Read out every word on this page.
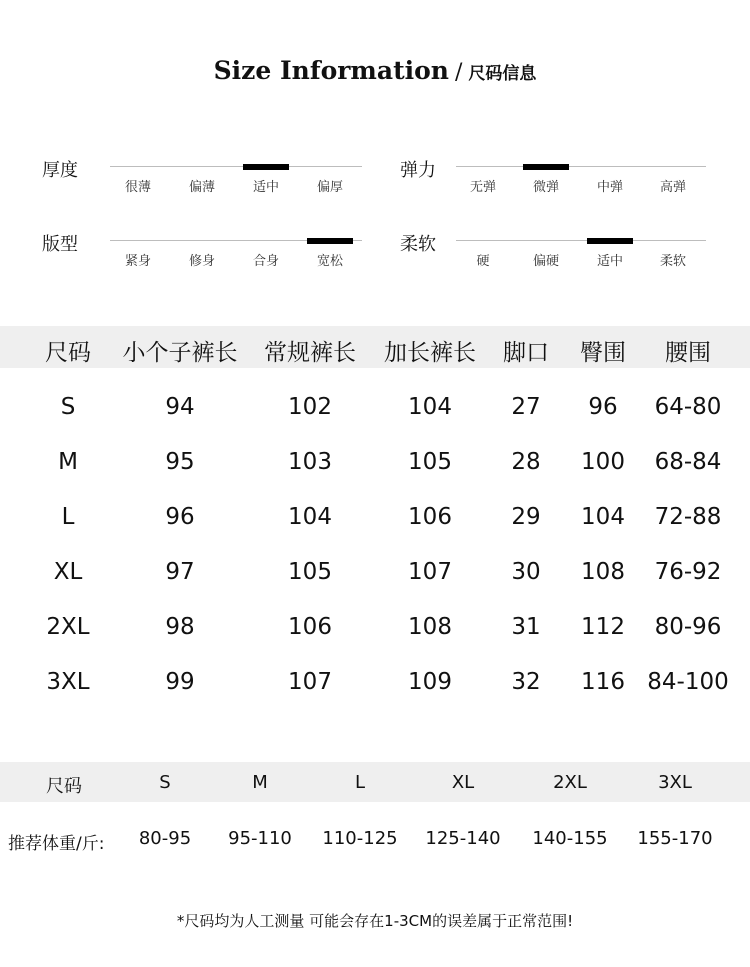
Size Information / 尺码信息
厚度
很薄	偏薄	适中	偏厚
弹力
无弹	微弹	中弹	高弹
版型
紧身	修身	合身	宽松
柔软
硬	偏硬	适中	柔软
尺码 小个子裤长 常规裤长 加长裤长 脚口 臀围 腰围
S	94	102	104	27 96 64-80
M	95	103	105	28 100 68-84
L	96	104	106	29 104 72-88
XL	97	105	107	30 108 76-92
2XL	98	106	108	31 112 80-96
3XL	99	107	109	32 116 84-100
尺码	S	M	L	XL	2XL	3XL
推荐体重/斤: 80-95 95-110 110-125 125-140 140-155 155-170
*尺码均为人工测量 可能会存在1-3CM的误差属于正常范围!
